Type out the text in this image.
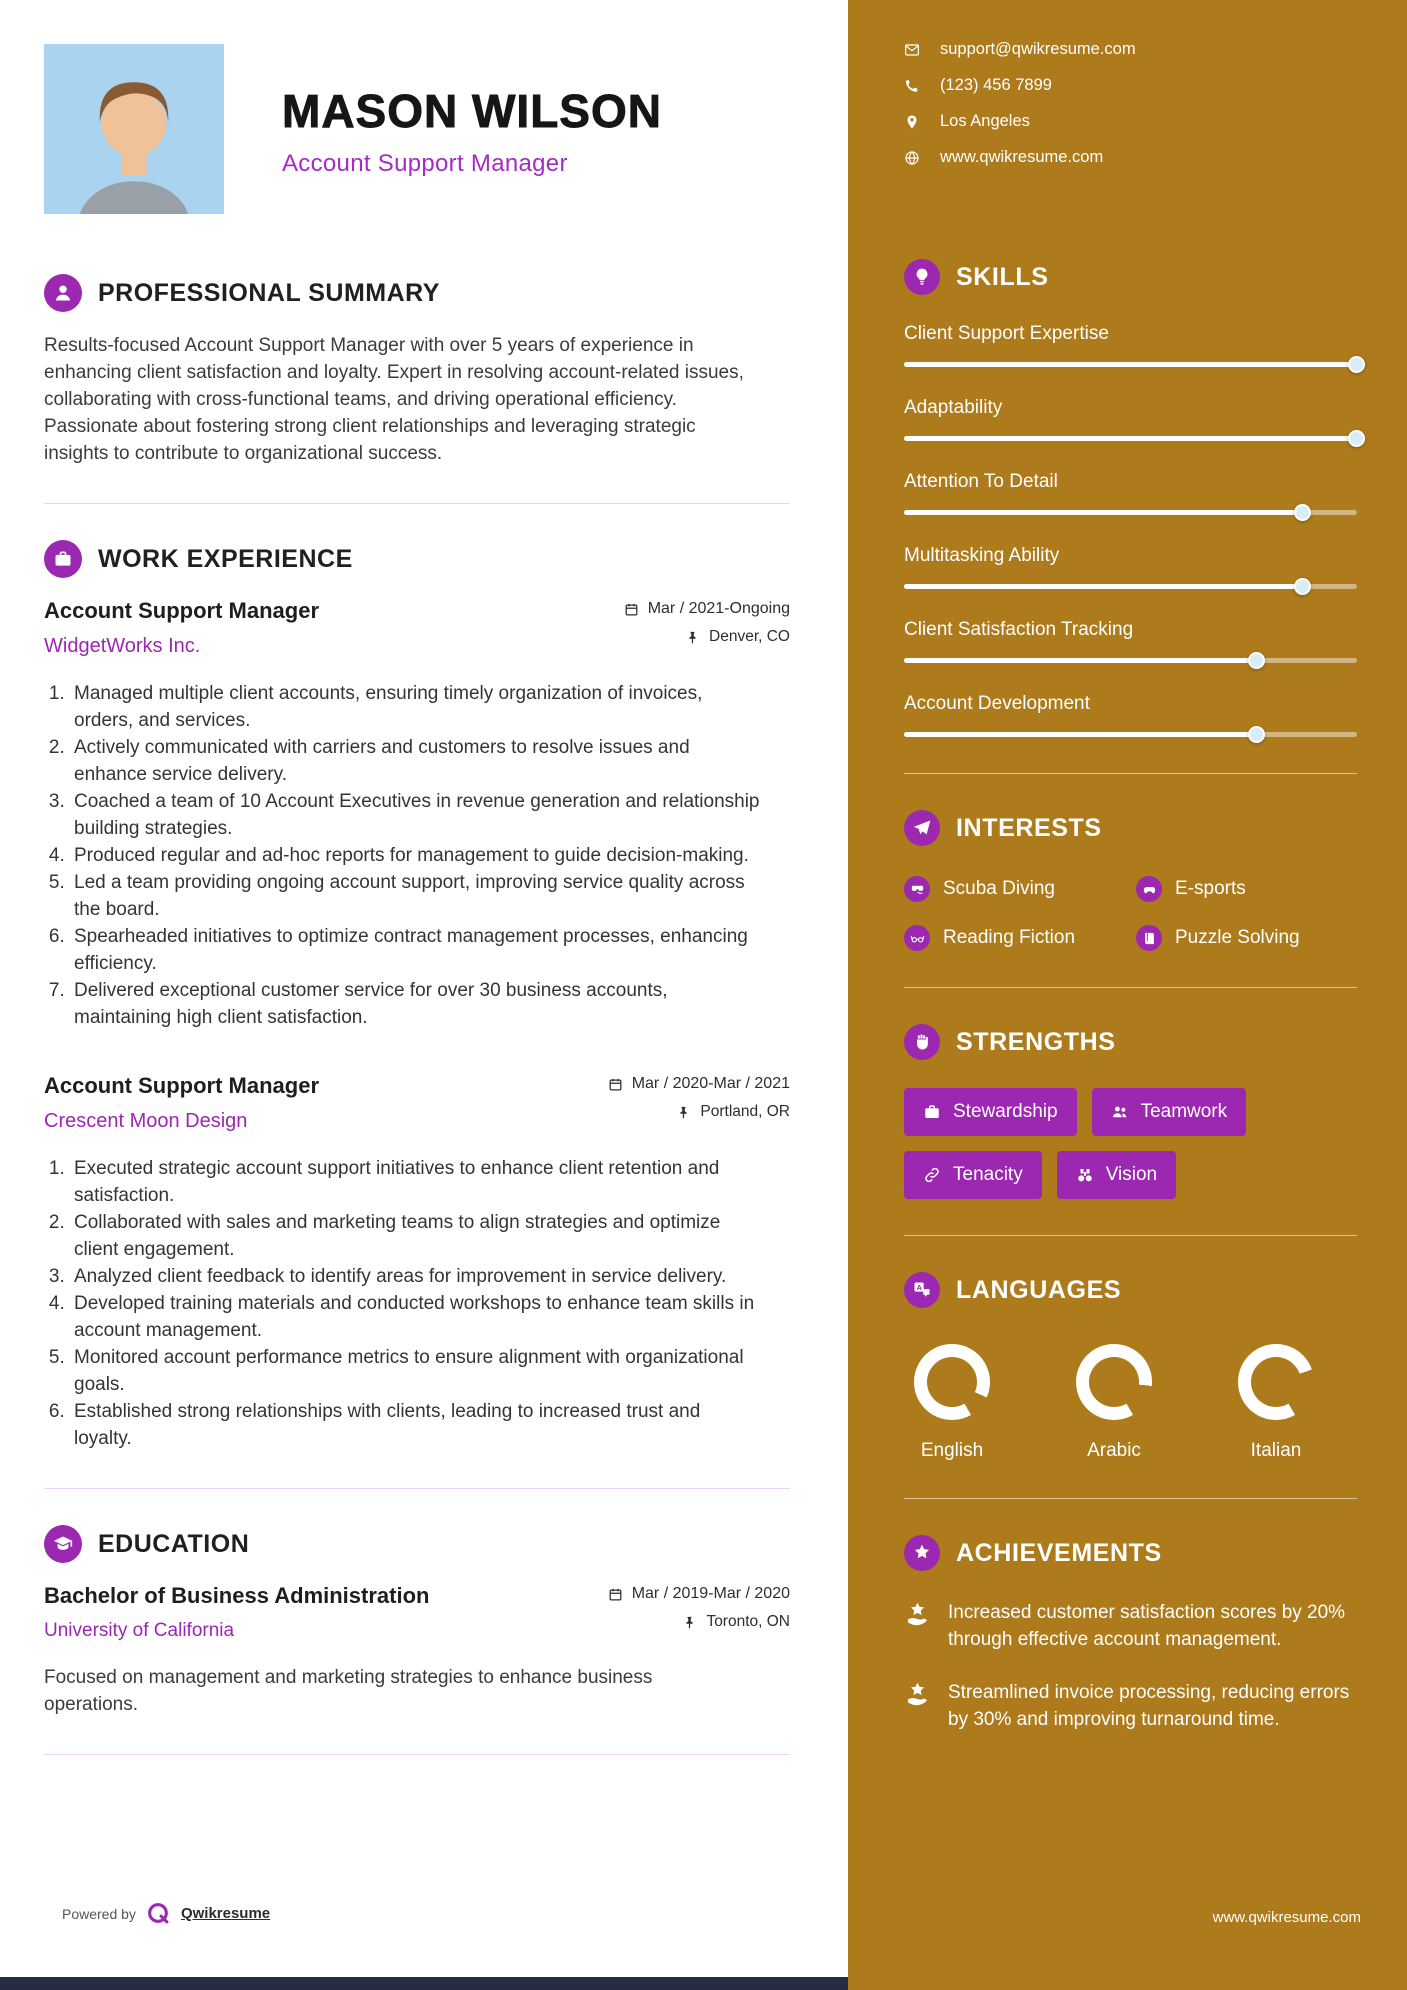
MASON WILSON
Account Support Manager
PROFESSIONAL SUMMARY

Results-focused Account Support Manager with over 5 years of experience in enhancing client satisfaction and loyalty. Expert in resolving account-related issues, collaborating with cross-functional teams, and driving operational efficiency. Passionate about fostering strong client relationships and leveraging strategic insights to contribute to organizational success.

WORK EXPERIENCE
Account Support Manager
WidgetWorks Inc.
Mar / 2021-Ongoing
Denver, CO
1. Managed multiple client accounts, ensuring timely organization of invoices, orders, and services.
2. Actively communicated with carriers and customers to resolve issues and enhance service delivery.
3. Coached a team of 10 Account Executives in revenue generation and relationship building strategies.
4. Produced regular and ad-hoc reports for management to guide decision-making.
5. Led a team providing ongoing account support, improving service quality across the board.
6. Spearheaded initiatives to optimize contract management processes, enhancing efficiency.
7. Delivered exceptional customer service for over 30 business accounts, maintaining high client satisfaction.
Account Support Manager
Crescent Moon Design
Mar / 2020-Mar / 2021
Portland, OR
1. Executed strategic account support initiatives to enhance client retention and satisfaction.
2. Collaborated with sales and marketing teams to align strategies and optimize client engagement.
3. Analyzed client feedback to identify areas for improvement in service delivery.
4. Developed training materials and conducted workshops to enhance team skills in account management.
5. Monitored account performance metrics to ensure alignment with organizational goals.
6. Established strong relationships with clients, leading to increased trust and loyalty.
EDUCATION
Bachelor of Business Administration
University of California
Mar / 2019-Mar / 2020
Toronto, ON

Focused on management and marketing strategies to enhance business operations.

Powered by	Qwikresume
support@qwikresume.com
(123) 456 7899
Los Angeles
www.qwikresume.com
SKILLS
Client Support Expertise
Adaptability
Attention To Detail
Multitasking Ability
Client Satisfaction Tracking
Account Development
INTERESTS
Scuba Diving	E-sports
Reading Fiction	Puzzle Solving
STRENGTHS
Stewardship	Teamwork
Tenacity	Vision
A LANGUAGES
English	Arabic	Italian
ACHIEVEMENTS

Increased customer satisfaction scores by 20% through effective account management.

Streamlined invoice processing, reducing errors by 30% and improving turnaround time.

www.qwikresume.com
